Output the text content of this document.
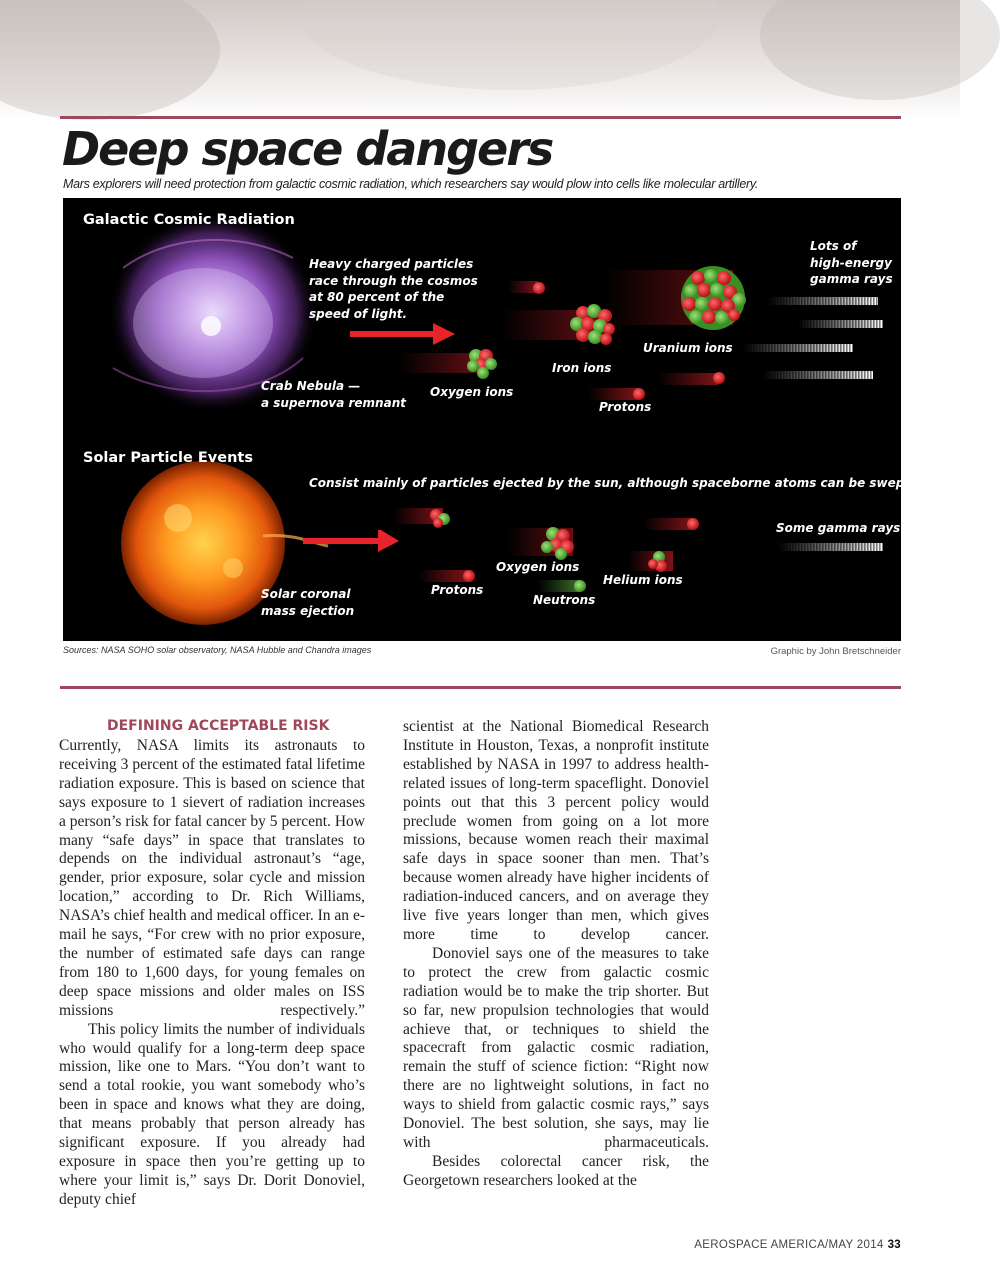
Deep space dangers
Mars explorers will need protection from galactic cosmic radiation, which researchers say would plow into cells like molecular artillery.
Galactic Cosmic Radiation
Heavy charged particles
race through the cosmos
at 80 percent of the
speed of light.
Crab Nebula —
a supernova remnant
Oxygen ions
Iron ions
Uranium ions
Protons
Lots of
high-energy
gamma rays
Solar Particle Events
Consist mainly of particles ejected by the sun, although spaceborne atoms can be swept up, too.
Solar coronal
mass ejection
Protons
Oxygen ions
Neutrons
Helium ions
Some gamma rays
Sources: NASA SOHO solar observatory, NASA Hubble and Chandra images	Graphic by John Bretschneider
DEFINING ACCEPTABLE RISK

Currently, NASA limits its astronauts to receiving 3 percent of the estimated fatal lifetime radiation exposure. This is based on science that says exposure to 1 sievert of radiation increases a person’s risk for fatal cancer by 5 percent. How many “safe days” in space that translates to depends on the individual astronaut’s “age, gender, prior exposure, solar cycle and mission location,” according to Dr. Rich Williams, NASA’s chief health and medical officer. In an e-mail he says, “For crew with no prior exposure, the number of estimated safe days can range from 180 to 1,600 days, for young females on deep space missions and older males on ISS missions respectively.”

This policy limits the number of individuals who would qualify for a long-term deep space mission, like one to Mars. “You don’t want to send a total rookie, you want somebody who’s been in space and knows what they are doing, that means probably that person already has significant exposure. If you already had exposure in space then you’re getting up to where your limit is,” says Dr. Dorit Donoviel, deputy chief

scientist at the National Biomedical Research Institute in Houston, Texas, a nonprofit institute established by NASA in 1997 to address health-related issues of long-term spaceflight. Donoviel points out that this 3 percent policy would preclude women from going on a lot more missions, because women reach their maximal safe days in space sooner than men. That’s because women already have higher incidents of radiation-induced cancers, and on average they live five years longer than men, which gives more time to develop cancer.

Donoviel says one of the measures to take to protect the crew from galactic cosmic radiation would be to make the trip shorter. But so far, new propulsion technologies that would achieve that, or techniques to shield the spacecraft from galactic cosmic radiation, remain the stuff of science fiction: “Right now there are no lightweight solutions, in fact no ways to shield from galactic cosmic rays,” says Donoviel. The best solution, she says, may lie with pharmaceuticals.

Besides colorectal cancer risk, the Georgetown researchers looked at the

AEROSPACE AMERICA/MAY 2014 33
